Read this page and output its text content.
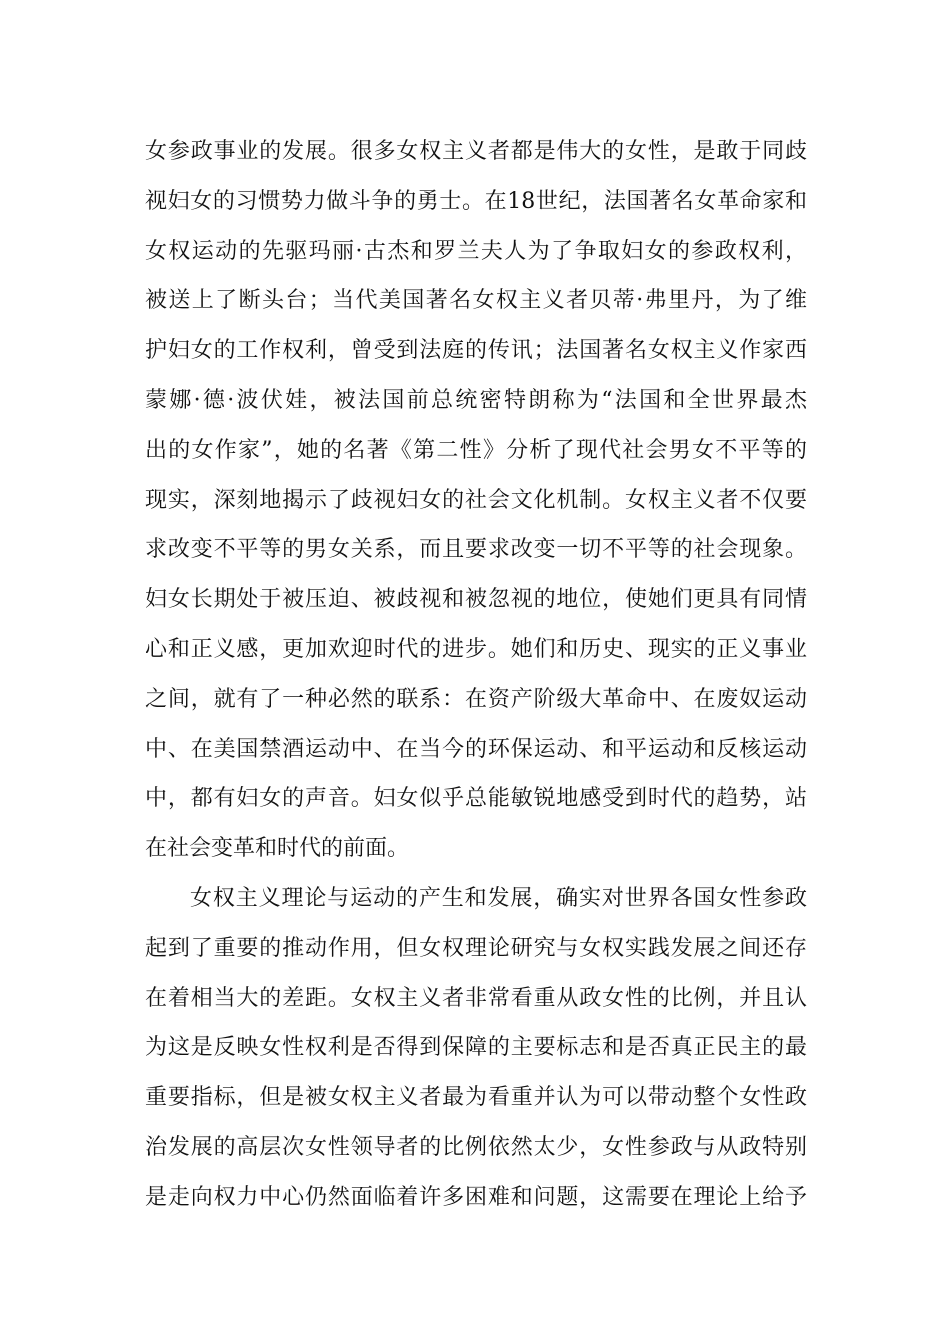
女参政事业的发展。很多女权主义者都是伟大的女性，是敢于同歧
视妇女的习惯势力做斗争的勇士。在18世纪，法国著名女革命家和
女权运动的先驱玛丽·古杰和罗兰夫人为了争取妇女的参政权利，
被送上了断头台；当代美国著名女权主义者贝蒂·弗里丹，为了维
护妇女的工作权利，曾受到法庭的传讯；法国著名女权主义作家西
蒙娜·德·波伏娃，被法国前总统密特朗称为“法国和全世界最杰
出的女作家”，她的名著《第二性》分析了现代社会男女不平等的
现实，深刻地揭示了歧视妇女的社会文化机制。女权主义者不仅要
求改变不平等的男女关系，而且要求改变一切不平等的社会现象。
妇女长期处于被压迫、被歧视和被忽视的地位，使她们更具有同情
心和正义感，更加欢迎时代的进步。她们和历史、现实的正义事业
之间，就有了一种必然的联系：在资产阶级大革命中、在废奴运动
中、在美国禁酒运动中、在当今的环保运动、和平运动和反核运动
中，都有妇女的声音。妇女似乎总能敏锐地感受到时代的趋势，站
在社会变革和时代的前面。
女权主义理论与运动的产生和发展，确实对世界各国女性参政
起到了重要的推动作用，但女权理论研究与女权实践发展之间还存
在着相当大的差距。女权主义者非常看重从政女性的比例，并且认
为这是反映女性权利是否得到保障的主要标志和是否真正民主的最
重要指标，但是被女权主义者最为看重并认为可以带动整个女性政
治发展的高层次女性领导者的比例依然太少，女性参政与从政特别
是走向权力中心仍然面临着许多困难和问题，这需要在理论上给予
